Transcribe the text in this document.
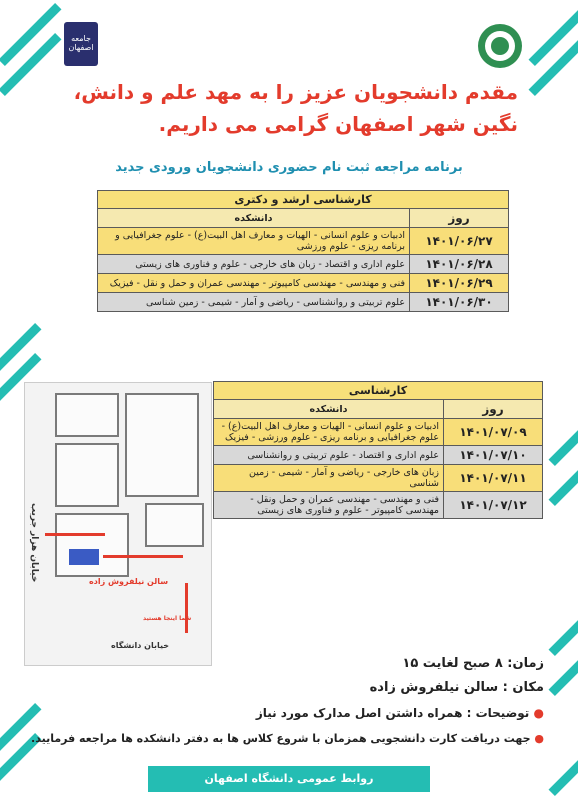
جامعه اصفهان
مقدم دانشجویان عزیز را به مهد علم و دانش،
نگین شهر اصفهان گرامی می داریم.
برنامه مراجعه ثبت نام حضوری دانشجویان ورودی جدید
کارشناسی ارشد و دکتری	
روز	دانشکده
۱۴۰۱/۰۶/۲۷	ادبیات و علوم انسانی - الهیات و معارف اهل البیت(ع) - علوم جغرافیایی و برنامه ریزی - علوم ورزشی
۱۴۰۱/۰۶/۲۸	علوم اداری و اقتصاد - زبان های خارجی - علوم و فناوری های زیستی
۱۴۰۱/۰۶/۲۹	فنی و مهندسی - مهندسی کامپیوتر - مهندسی عمران و حمل و نقل - فیزیک
۱۴۰۱/۰۶/۳۰	علوم تربیتی و روانشناسی - ریاضی و آمار - شیمی - زمین شناسی
کارشناسی	
روز	دانشکده
۱۴۰۱/۰۷/۰۹	ادبیات و علوم انسانی - الهیات و معارف اهل البیت(ع) - علوم جغرافیایی و برنامه ریزی - علوم ورزشی - فیزیک
۱۴۰۱/۰۷/۱۰	علوم اداری و اقتصاد - علوم تربیتی و روانشناسی
۱۴۰۱/۰۷/۱۱	زبان های خارجی - ریاضی و آمار - شیمی - زمین شناسی
۱۴۰۱/۰۷/۱۲	فنی و مهندسی - مهندسی عمران و حمل ونقل - مهندسی کامپیوتر - علوم و فناوری های زیستی
سالن نیلفروش زاده
شما اینجا هستید
خیابان هزار جریب
خیابان دانشگاه
زمان: ۸ صبح لغایت ۱۵
مکان : سالن نیلفروش زاده
● توضیحات : همراه داشتن اصل مدارک مورد نیاز
● جهت دریافت کارت دانشجویی همزمان با شروع کلاس ها به دفتر دانشکده ها مراجعه فرمایید.
روابط عمومی دانشگاه اصفهان
